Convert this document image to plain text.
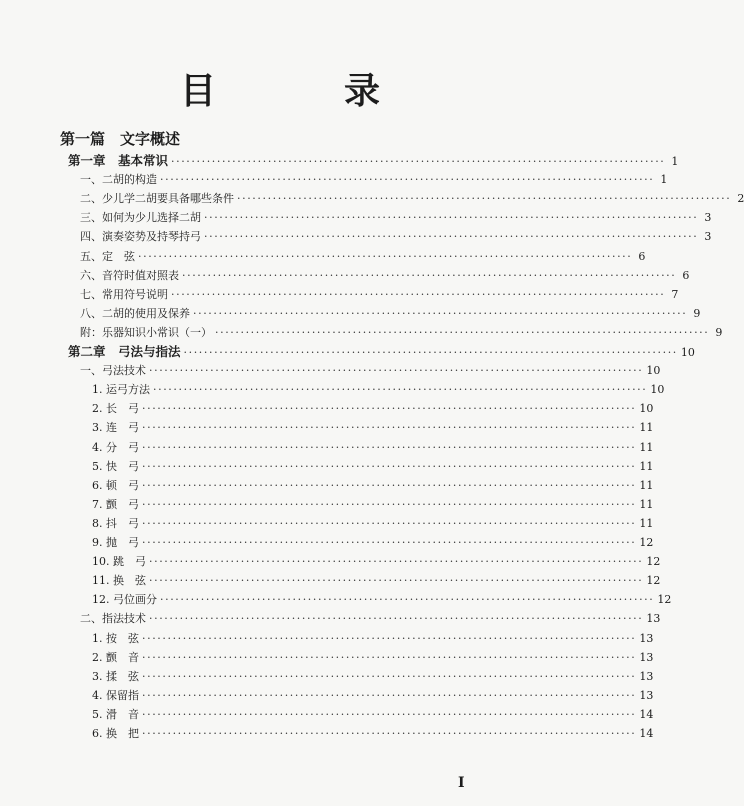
目　录
第一篇　文字概述
第一章　基本常识 ································································································· 1
一、二胡的构造 ································································································· 1
二、少儿学二胡要具备哪些条件 ································································································· 2
三、如何为少儿选择二胡 ································································································· 3
四、演奏姿势及持琴持弓 ································································································· 3
五、定　弦 ································································································· 6
六、音符时值对照表 ································································································· 6
七、常用符号说明 ································································································· 7
八、二胡的使用及保养 ································································································· 9
附：乐器知识小常识（一） ································································································· 9
第二章　弓法与指法 ································································································· 10
一、弓法技术 ································································································· 10
1. 运弓方法 ································································································· 10
2. 长　弓 ································································································· 10
3. 连　弓 ································································································· 11
4. 分　弓 ································································································· 11
5. 快　弓 ································································································· 11
6. 顿　弓 ································································································· 11
7. 颤　弓 ································································································· 11
8. 抖　弓 ································································································· 11
9. 抛　弓 ································································································· 12
10. 跳　弓 ································································································· 12
11. 换　弦 ································································································· 12
12. 弓位画分 ································································································· 12
二、指法技术 ································································································· 13
1. 按　弦 ································································································· 13
2. 颤　音 ································································································· 13
3. 揉　弦 ································································································· 13
4. 保留指 ································································································· 13
5. 滑　音 ································································································· 14
6. 换　把 ································································································· 14
I
